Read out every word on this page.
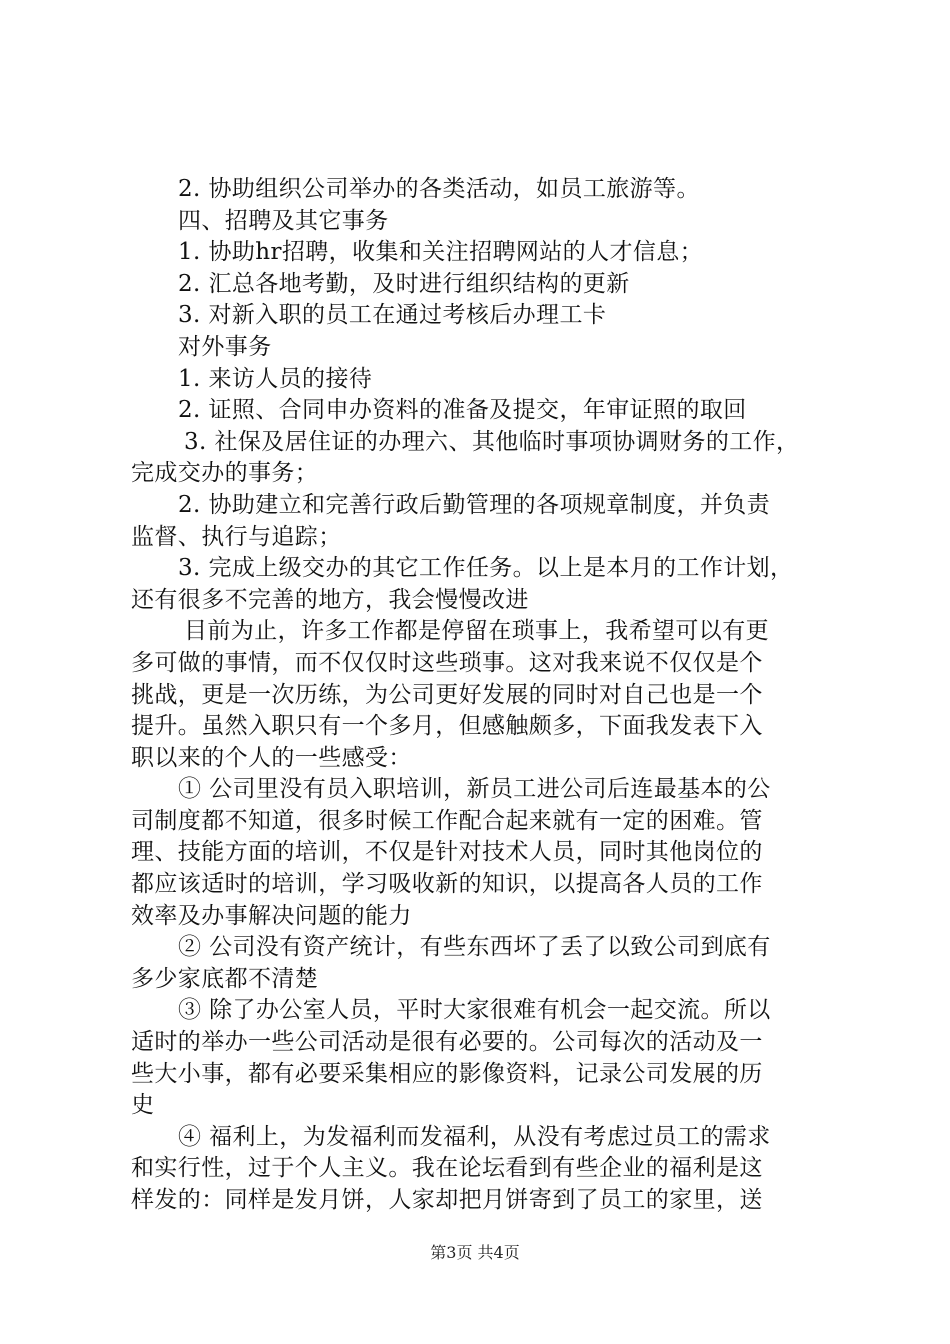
2. 协助组织公司举办的各类活动，如员工旅游等。
四、招聘及其它事务
1. 协助hr招聘，收集和关注招聘网站的人才信息；
2. 汇总各地考勤，及时进行组织结构的更新
3. 对新入职的员工在通过考核后办理工卡
对外事务
1. 来访人员的接待
2. 证照、合同申办资料的准备及提交，年审证照的取回
3. 社保及居住证的办理六、其他临时事项协调财务的工作，
完成交办的事务；
2. 协助建立和完善行政后勤管理的各项规章制度，并负责
监督、执行与追踪；
3. 完成上级交办的其它工作任务。以上是本月的工作计划，
还有很多不完善的地方，我会慢慢改进
目前为止，许多工作都是停留在琐事上，我希望可以有更
多可做的事情，而不仅仅时这些琐事。这对我来说不仅仅是个
挑战，更是一次历练，为公司更好发展的同时对自己也是一个
提升。虽然入职只有一个多月，但感触颇多，下面我发表下入
职以来的个人的一些感受：
① 公司里没有员入职培训，新员工进公司后连最基本的公
司制度都不知道，很多时候工作配合起来就有一定的困难。管
理、技能方面的培训，不仅是针对技术人员，同时其他岗位的
都应该适时的培训，学习吸收新的知识，以提高各人员的工作
效率及办事解决问题的能力
② 公司没有资产统计，有些东西坏了丢了以致公司到底有
多少家底都不清楚
③ 除了办公室人员，平时大家很难有机会一起交流。所以
适时的举办一些公司活动是很有必要的。公司每次的活动及一
些大小事，都有必要采集相应的影像资料，记录公司发展的历
史
④ 福利上，为发福利而发福利，从没有考虑过员工的需求
和实行性，过于个人主义。我在论坛看到有些企业的福利是这
样发的：同样是发月饼，人家却把月饼寄到了员工的家里，送
第3页 共4页
